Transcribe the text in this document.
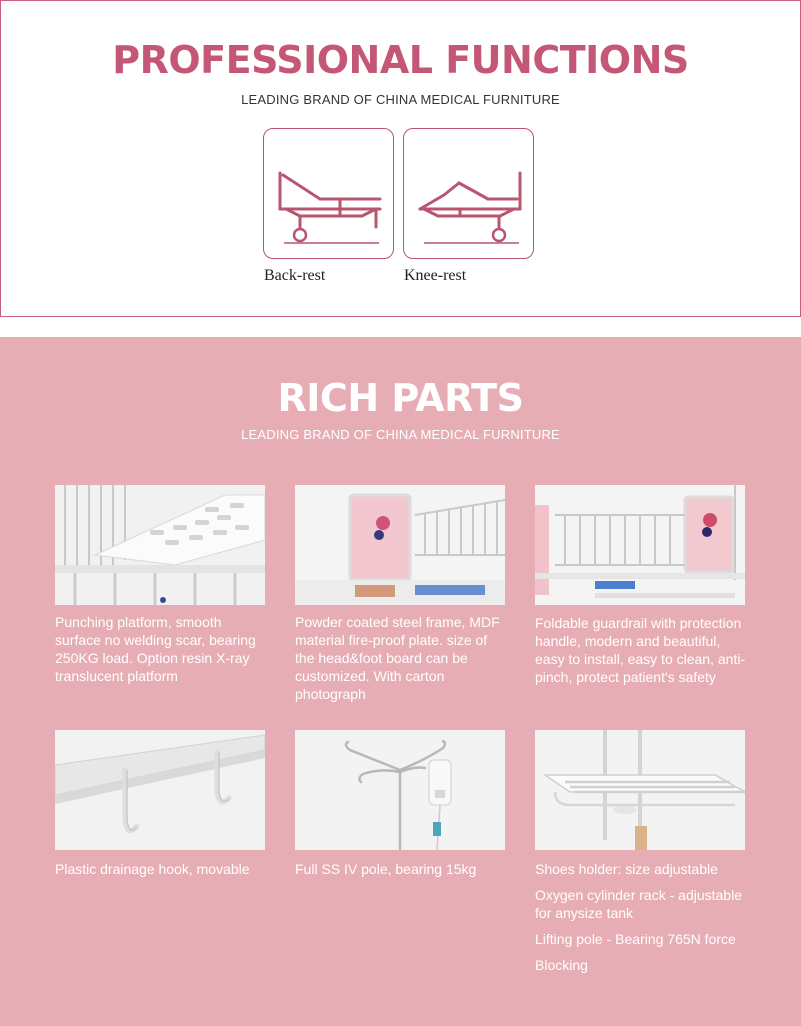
PROFESSIONAL FUNCTIONS
LEADING BRAND OF CHINA MEDICAL FURNITURE
Back-rest	Knee-rest
RICH PARTS
LEADING BRAND OF CHINA MEDICAL FURNITURE

Punching platform, smooth surface no welding scar, bearing 250KG load. Option resin X-ray translucent platform

Powder coated steel frame, MDF material fire-proof plate. size of the head&foot board can be customized. With carton photograph

Foldable guardrail with protection handle, modern and beautiful, easy to install, easy to clean, anti-pinch, protect patient's safety

Plastic drainage hook, movable	Full SS IV pole, bearing 15kg	Shoes holder: size adjustable

Oxygen cylinder rack - adjustable for anysize tank

Lifting pole - Bearing 765N force

Blocking
